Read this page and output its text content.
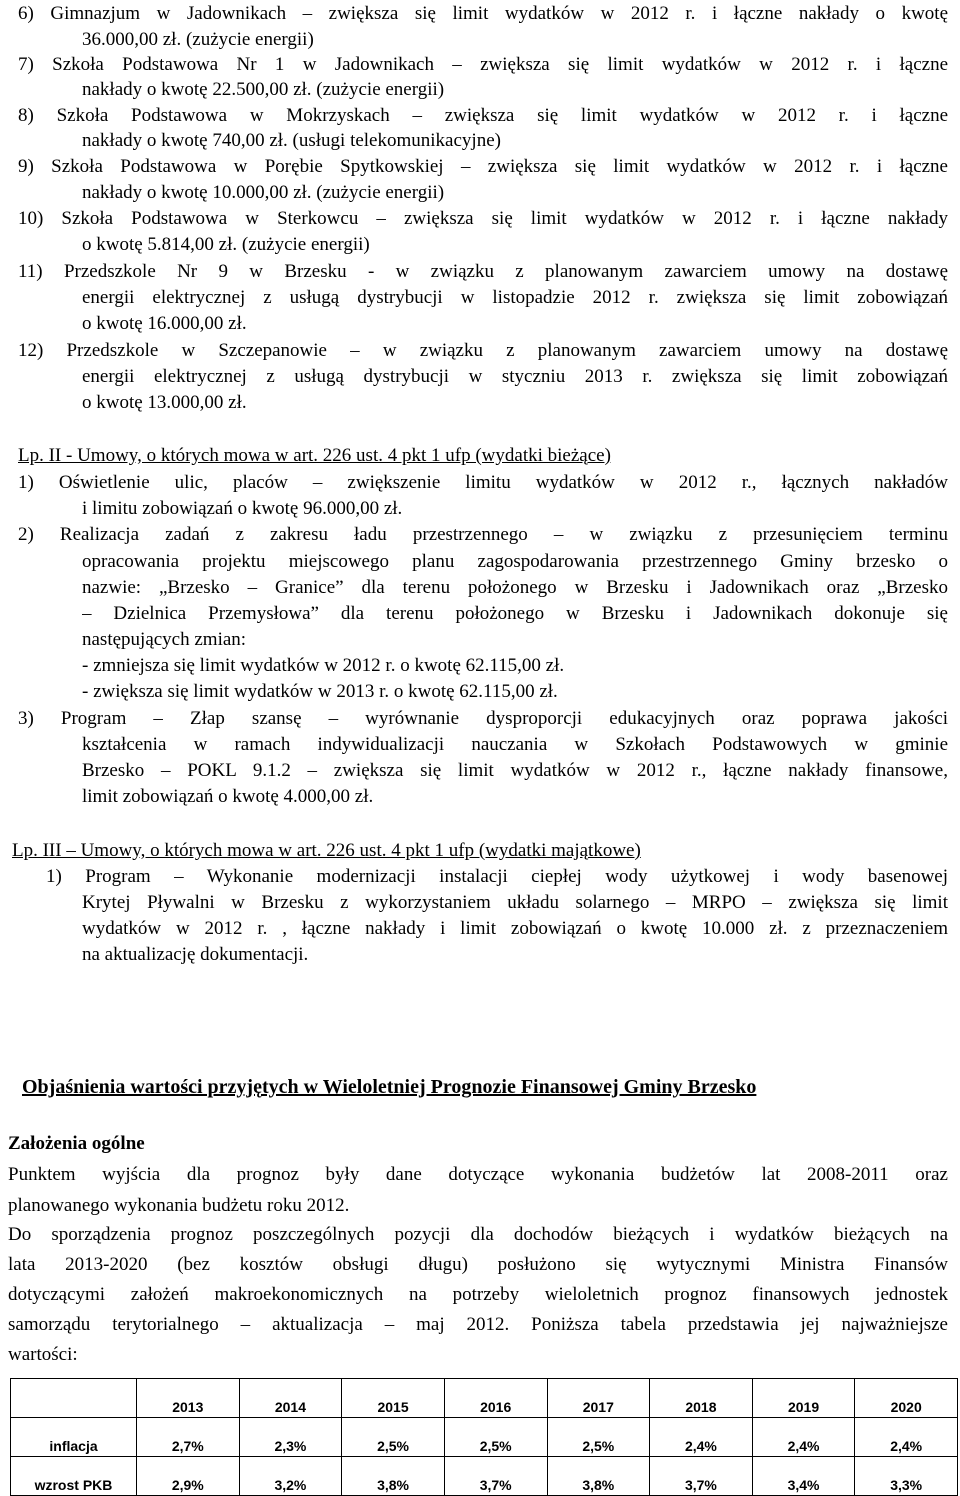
6) Gimnazjum w Jadownikach – zwiększa się limit wydatków w 2012 r. i łączne nakłady o kwotę
36.000,00 zł. (zużycie energii)
7) Szkoła Podstawowa Nr 1 w Jadownikach – zwiększa się limit wydatków w 2012 r. i łączne
nakłady o kwotę 22.500,00 zł. (zużycie energii)
8) Szkoła Podstawowa w Mokrzyskach – zwiększa się limit wydatków w 2012 r. i łączne
nakłady o kwotę 740,00 zł. (usługi telekomunikacyjne)
9) Szkoła Podstawowa w Porębie Spytkowskiej – zwiększa się limit wydatków w 2012 r. i łączne
nakłady o kwotę 10.000,00 zł. (zużycie energii)
10) Szkoła Podstawowa w Sterkowcu – zwiększa się limit wydatków w 2012 r. i łączne nakłady
o kwotę 5.814,00 zł. (zużycie energii)
11) Przedszkole Nr 9 w Brzesku - w związku z planowanym zawarciem umowy na dostawę
energii elektrycznej z usługą dystrybucji w listopadzie 2012 r. zwiększa się limit zobowiązań
o kwotę 16.000,00 zł.
12) Przedszkole w Szczepanowie – w związku z planowanym zawarciem umowy na dostawę
energii elektrycznej z usługą dystrybucji w styczniu 2013 r. zwiększa się limit zobowiązań
o kwotę 13.000,00 zł.
Lp. II - Umowy, o których mowa w art. 226 ust. 4 pkt 1 ufp (wydatki bieżące)
1) Oświetlenie ulic, placów – zwiększenie limitu wydatków w 2012 r., łącznych nakładów
i limitu zobowiązań o kwotę 96.000,00 zł.
2) Realizacja zadań z zakresu ładu przestrzennego – w związku z przesunięciem terminu
opracowania projektu miejscowego planu zagospodarowania przestrzennego Gminy brzesko o
nazwie: „Brzesko – Granice” dla terenu położonego w Brzesku i Jadownikach oraz „Brzesko
– Dzielnica Przemysłowa” dla terenu położonego w Brzesku i Jadownikach dokonuje się
następujących zmian:
- zmniejsza się limit wydatków w 2012 r. o kwotę 62.115,00 zł.
- zwiększa się limit wydatków w 2013 r. o kwotę 62.115,00 zł.
3) Program – Złap szansę – wyrównanie dysproporcji edukacyjnych oraz poprawa jakości
kształcenia w ramach indywidualizacji nauczania w Szkołach Podstawowych w gminie
Brzesko – POKL 9.1.2 – zwiększa się limit wydatków w 2012 r., łączne nakłady finansowe,
limit zobowiązań o kwotę 4.000,00 zł.
Lp. III – Umowy, o których mowa w art. 226 ust. 4 pkt 1 ufp (wydatki majątkowe)
1) Program – Wykonanie modernizacji instalacji ciepłej wody użytkowej i wody basenowej
Krytej Pływalni w Brzesku z wykorzystaniem układu solarnego – MRPO – zwiększa się limit
wydatków w 2012 r. , łączne nakłady i limit zobowiązań o kwotę 10.000 zł. z przeznaczeniem
na aktualizację dokumentacji.
Objaśnienia wartości przyjętych w Wieloletniej Prognozie Finansowej Gminy Brzesko
Założenia ogólne
Punktem wyjścia dla prognoz były dane dotyczące wykonania budżetów lat 2008-2011 oraz
planowanego wykonania budżetu roku 2012.
Do sporządzenia prognoz poszczególnych pozycji dla dochodów bieżących i wydatków bieżących na
lata 2013-2020 (bez kosztów obsługi długu) posłużono się wytycznymi Ministra Finansów
dotyczącymi założeń makroekonomicznych na potrzeby wieloletnich prognoz finansowych jednostek
samorządu terytorialnego – aktualizacja – maj 2012. Poniższa tabela przedstawia jej najważniejsze
wartości:
	2013	2014	2015	2016	2017	2018	2019	2020
inflacja	2,7%	2,3%	2,5%	2,5%	2,5%	2,4%	2,4%	2,4%
wzrost PKB	2,9%	3,2%	3,8%	3,7%	3,8%	3,7%	3,4%	3,3%
